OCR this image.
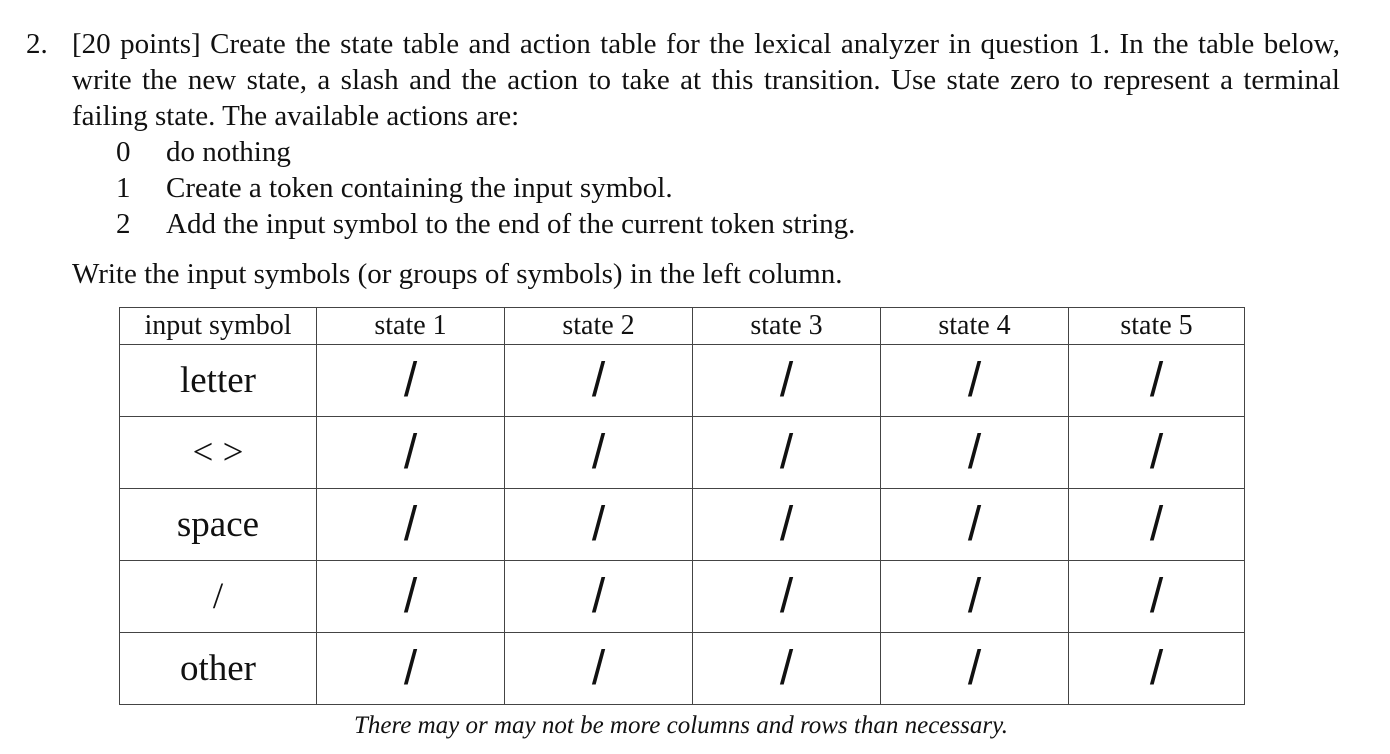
2. [20 points] Create the state table and action table for the lexical analyzer in question 1. In the table below, write the new state, a slash and the action to take at this transition. Use state zero to represent a terminal failing state. The available actions are:
0	do nothing
1	Create a token containing the input symbol.
2	Add the input symbol to the end of the current token string.
Write the input symbols (or groups of symbols) in the left column.
input symbol	state 1	state 2	state 3	state 4	state 5
letter	/	/	/	/	/
< >	/	/	/	/	/
space	/	/	/	/	/
/	/	/	/	/	/
other	/	/	/	/	/
There may or may not be more columns and rows than necessary.
